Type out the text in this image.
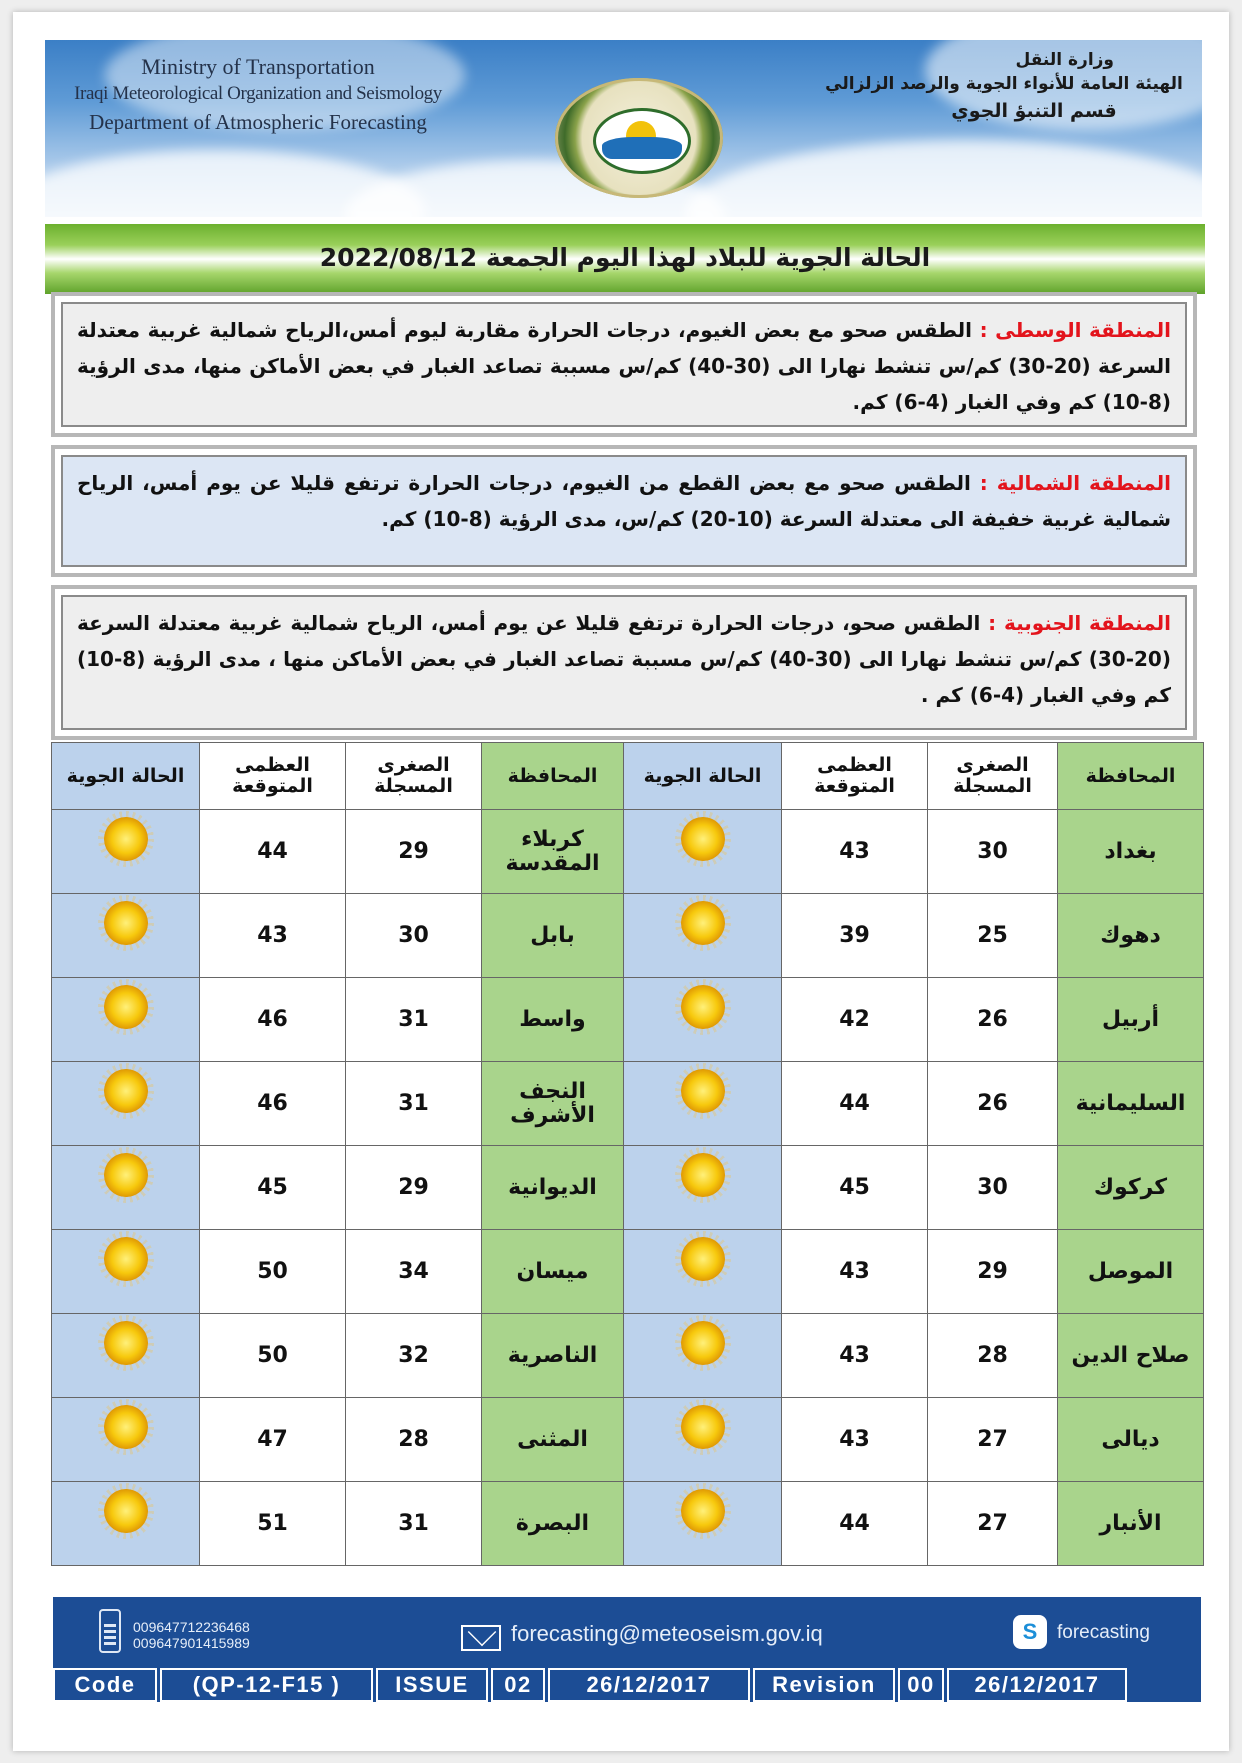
Ministry of Transportation
Iraqi Meteorological Organization and Seismology
Department of Atmospheric Forecasting
وزارة النقل
الهيئة العامة للأنواء الجوية والرصد الزلزالي
قسم التنبؤ الجوي
الحالة الجوية للبلاد لهذا اليوم الجمعة 2022/08/12
المنطقة الوسطى : الطقس صحو مع بعض الغيوم، درجات الحرارة مقاربة ليوم أمس،الرياح شمالية غربية معتدلة السرعة (20-30) كم/س تنشط نهارا الى (30-40) كم/س مسببة تصاعد الغبار في بعض الأماكن منها، مدى الرؤية (8-10) كم وفي الغبار (4-6) كم.
المنطقة الشمالية : الطقس صحو مع بعض القطع من الغيوم، درجات الحرارة ترتفع قليلا عن يوم أمس، الرياح شمالية غربية خفيفة الى معتدلة السرعة (10-20) كم/س، مدى الرؤية (8-10) كم.
المنطقة الجنوبية : الطقس صحو، درجات الحرارة ترتفع قليلا عن يوم أمس، الرياح شمالية غربية معتدلة السرعة (20-30) كم/س تنشط نهارا الى (30-40) كم/س مسببة تصاعد الغبار في بعض الأماكن منها ، مدى الرؤية (8-10) كم وفي الغبار (4-6) كم .
المحافظة	الصغرى المسجلة	العظمى المتوقعة	الحالة الجوية	المحافظة	الصغرى المسجلة	العظمى المتوقعة	الحالة الجوية
بغداد	30	43		كربلاء المقدسة	29	44	
دهوك	25	39		بابل	30	43	
أربيل	26	42		واسط	31	46	
السليمانية	26	44		النجف الأشرف	31	46	
كركوك	30	45		الديوانية	29	45	
الموصل	29	43		ميسان	34	50	
صلاح الدين	28	43		الناصرية	32	50	
ديالى	27	43		المثنى	28	47	
الأنبار	27	44		البصرة	31	51	
009647712236468
009647901415989	forecasting@meteoseism.gov.iq S	forecasting
Code	(QP-12-F15 )	ISSUE	02	26/12/2017	Revision	00	26/12/2017
